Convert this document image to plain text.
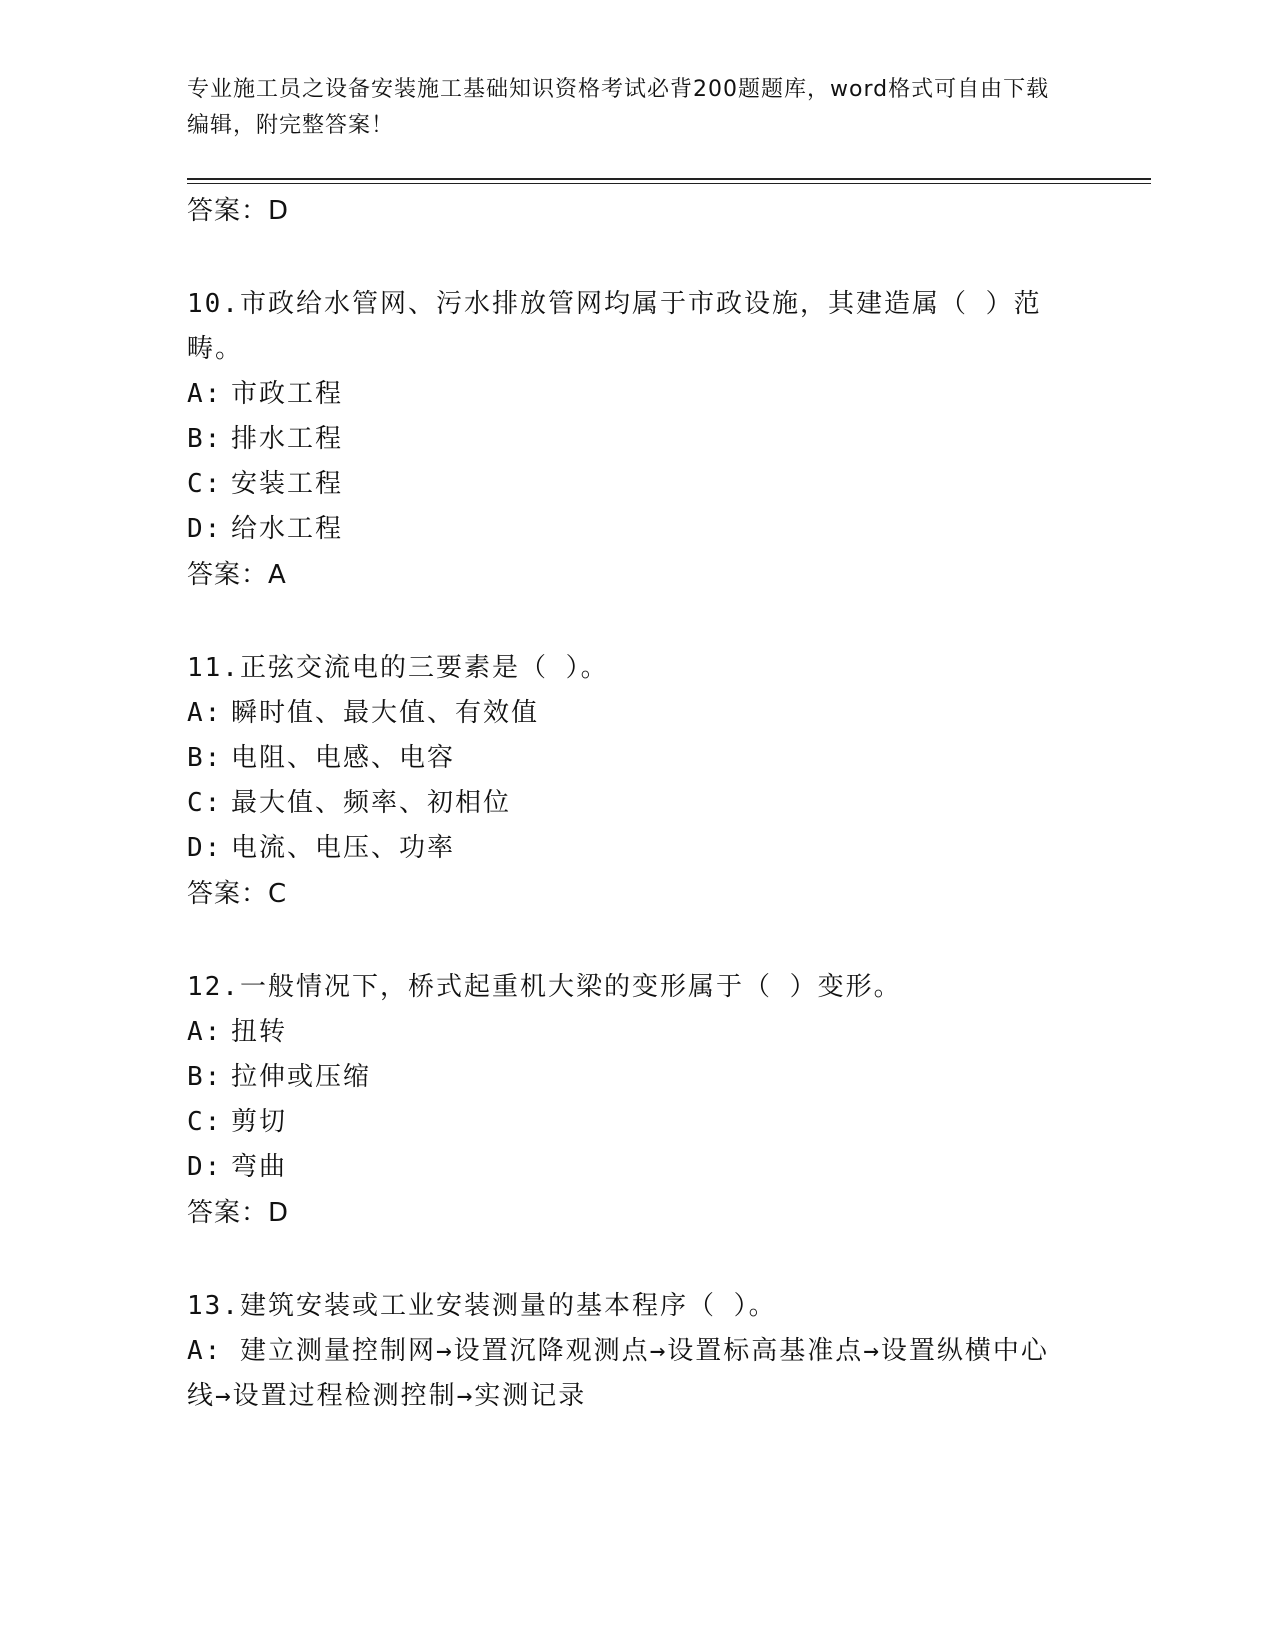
专业施工员之设备安装施工基础知识资格考试必背200题题库，word格式可自由下载编辑，附完整答案！
答案：D
10.市政给水管网、污水排放管网均属于市政设施，其建造属（ ）范畴。
A: 市政工程
B: 排水工程
C: 安装工程
D: 给水工程
答案：A
11.正弦交流电的三要素是（ ）。
A: 瞬时值、最大值、有效值
B: 电阻、电感、电容
C: 最大值、频率、初相位
D: 电流、电压、功率
答案：C
12.一般情况下，桥式起重机大梁的变形属于（ ）变形。
A: 扭转
B: 拉伸或压缩
C: 剪切
D: 弯曲
答案：D
13.建筑安装或工业安装测量的基本程序（ ）。
A: 建立测量控制网→设置沉降观测点→设置标高基准点→设置纵横中心线→设置过程检测控制→实测记录
